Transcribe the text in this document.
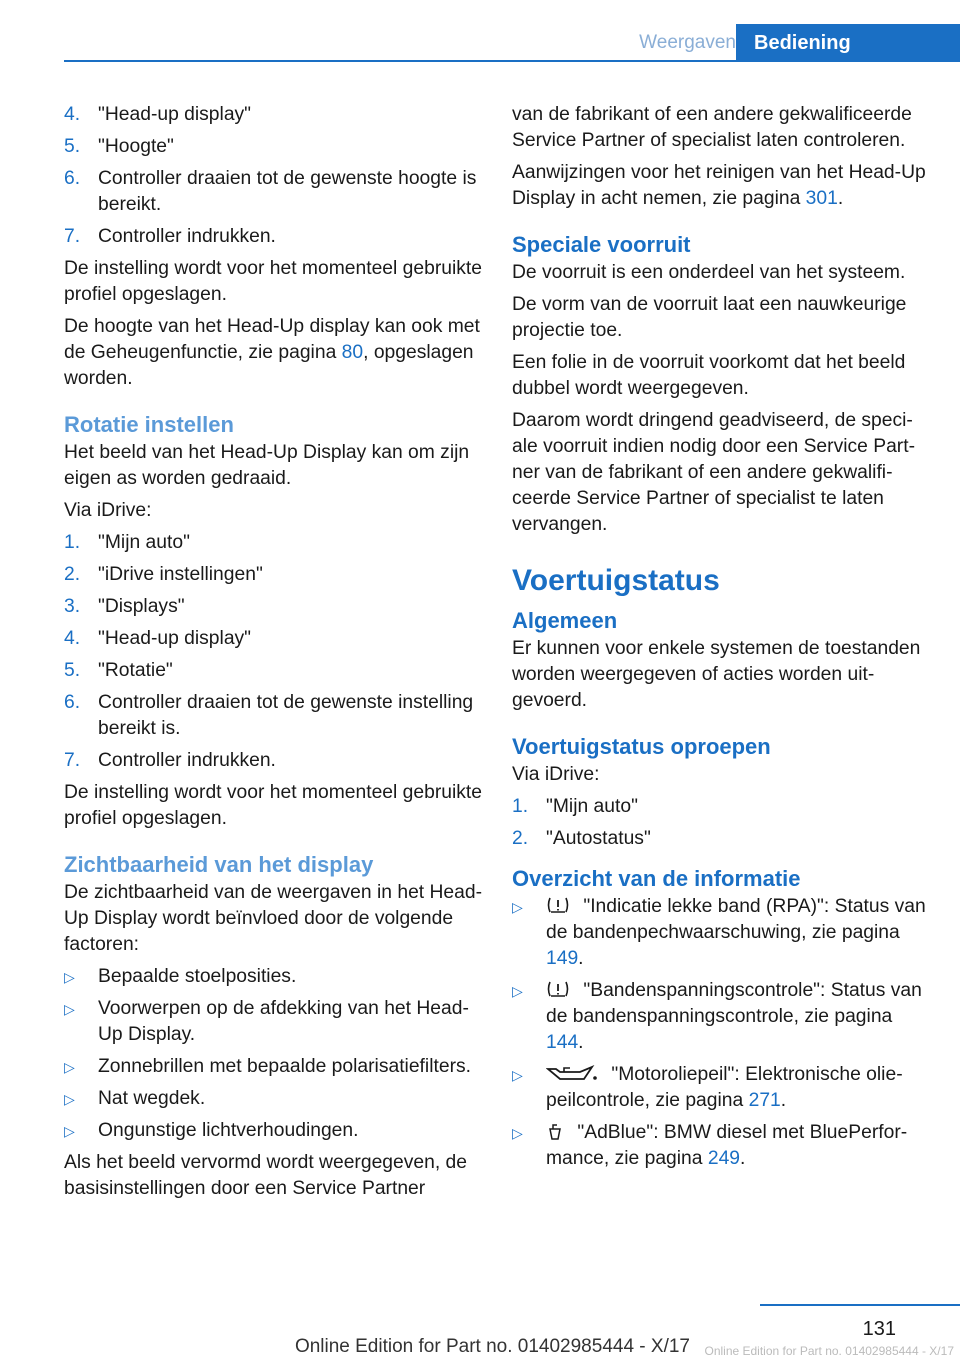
Weergaven Bediening
4. "Head-up display"
5. "Hoogte"
6. Controller draaien tot de gewenste hoogte is bereikt.
7. Controller indrukken.

De instelling wordt voor het momenteel gebruikte profiel opgeslagen.

De hoogte van het Head-Up display kan ook met de Geheugenfunctie, zie pagina 80, opgeslagen worden.

Rotatie instellen

Het beeld van het Head-Up Display kan om zijn eigen as worden gedraaid.

Via iDrive:

1. "Mijn auto"
2. "iDrive instellingen"
3. "Displays"
4. "Head-up display"
5. "Rotatie"
6. Controller draaien tot de gewenste instelling bereikt is.
7. Controller indrukken.

De instelling wordt voor het momenteel gebruikte profiel opgeslagen.

Zichtbaarheid van het display

De zichtbaarheid van de weergaven in het Head-Up Display wordt beïnvloed door de volgende factoren:

▷ Bepaalde stoelposities.
▷ Voorwerpen op de afdekking van het Head-Up Display.
▷ Zonnebrillen met bepaalde polarisatiefilters.
▷ Nat wegdek.
▷ Ongunstige lichtverhoudingen.

Als het beeld vervormd wordt weergegeven, de basisinstellingen door een Service Partner

van de fabrikant of een andere gekwalificeerde Service Partner of specialist laten controleren.

Aanwijzingen voor het reinigen van het Head-Up Display in acht nemen, zie pagina 301.

Speciale voorruit

De voorruit is een onderdeel van het systeem.

De vorm van de voorruit laat een nauwkeurige projectie toe.

Een folie in de voorruit voorkomt dat het beeld dubbel wordt weergegeven.

Daarom wordt dringend geadviseerd, de speciale voorruit indien nodig door een Service Partner van de fabrikant of een andere gekwalificeerde Service Partner of specialist te laten vervangen.

Voertuigstatus
Algemeen

Er kunnen voor enkele systemen de toestanden worden weergegeven of acties worden uitgevoerd.

Voertuigstatus oproepen

Via iDrive:

1. "Mijn auto"
2. "Autostatus"
Overzicht van de informatie
▷	"Indicatie lekke band (RPA)": Status van de bandenpechwaarschuwing, zie pagina 149.
▷	"Bandenspanningscontrole": Status van de bandenspanningscontrole, zie pagina 144.
▷	"Motoroliepeil": Elektronische oliepeilcontrole, zie pagina 271.
▷	"AdBlue": BMW diesel met BluePerformance, zie pagina 249.
131
Online Edition for Part no. 01402985444 - X/17 Online Edition for Part no. 01402985444 - X/17
